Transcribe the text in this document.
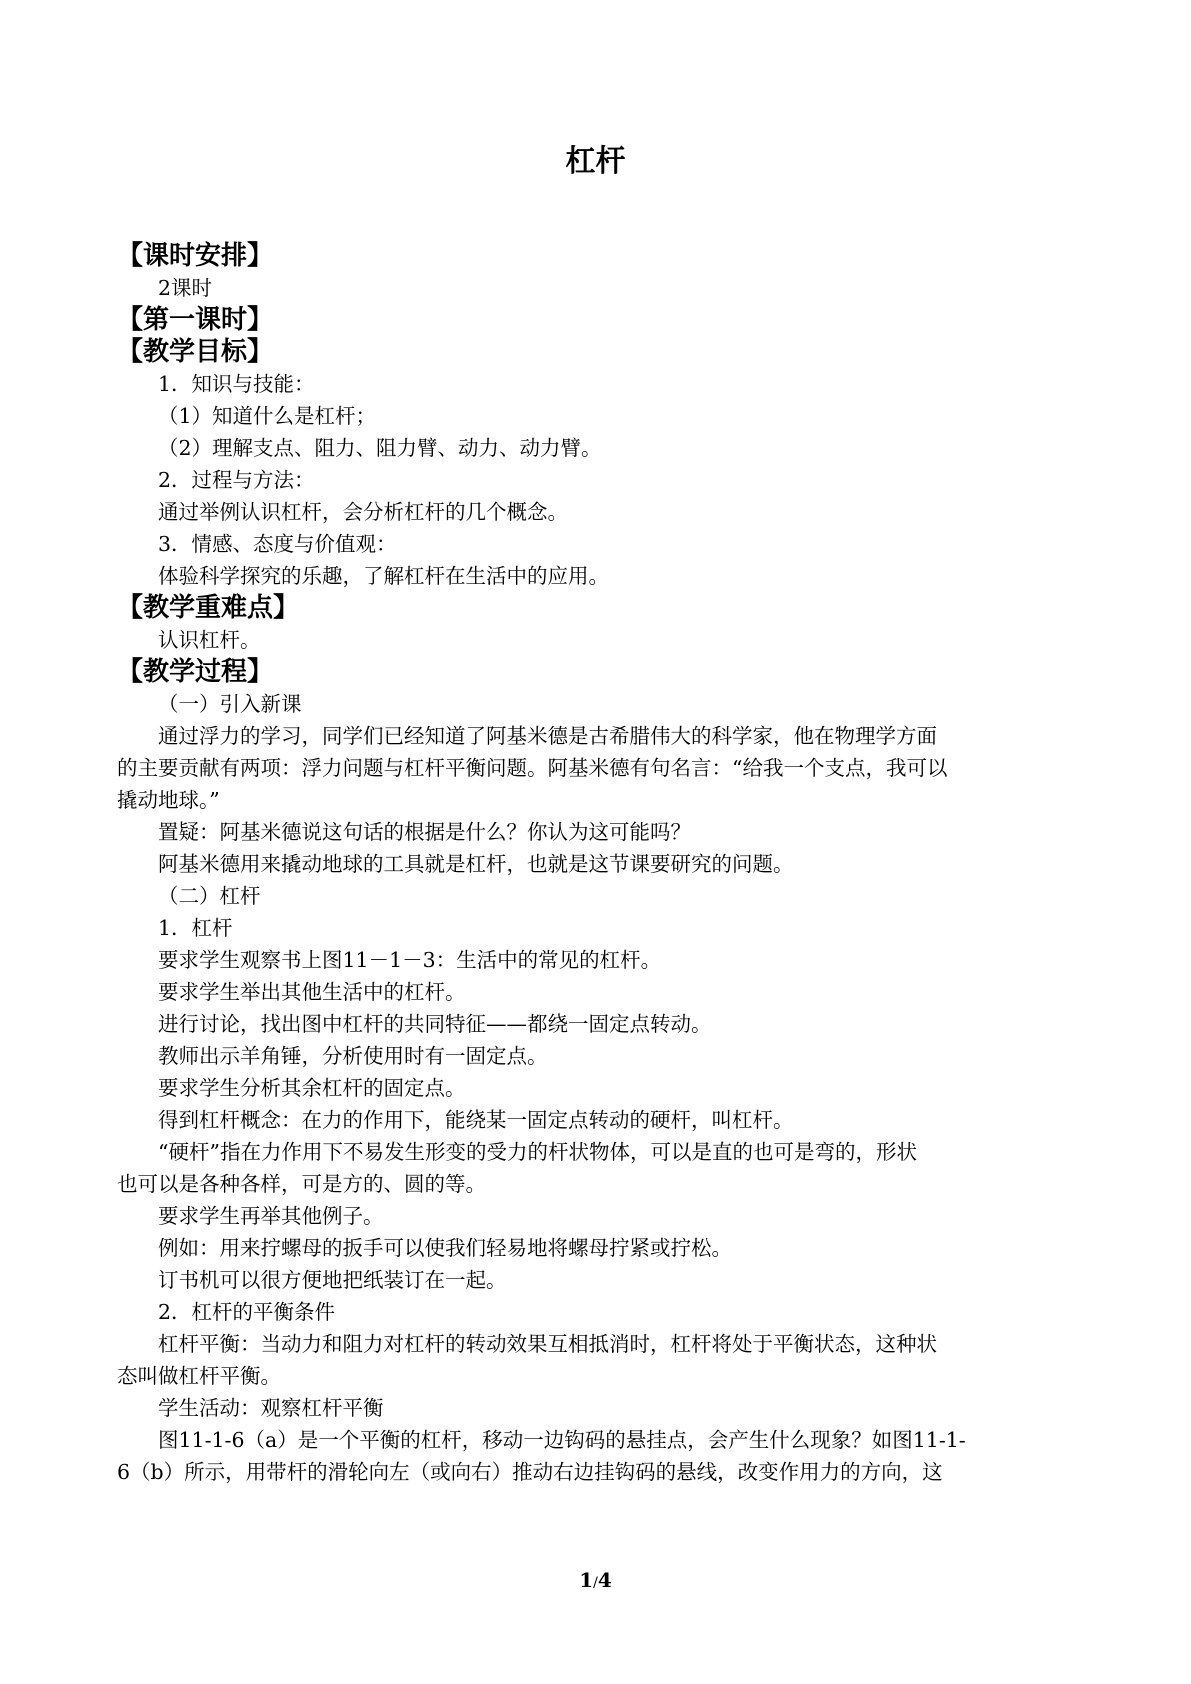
杠杆
【课时安排】
2课时
【第一课时】
【教学目标】
1．知识与技能：
（1）知道什么是杠杆；
（2）理解支点、阻力、阻力臂、动力、动力臂。
2．过程与方法：
通过举例认识杠杆，会分析杠杆的几个概念。
3．情感、态度与价值观：
体验科学探究的乐趣，了解杠杆在生活中的应用。
【教学重难点】
认识杠杆。
【教学过程】
（一）引入新课
通过浮力的学习，同学们已经知道了阿基米德是古希腊伟大的科学家，他在物理学方面
的主要贡献有两项：浮力问题与杠杆平衡问题。阿基米德有句名言：“给我一个支点，我可以
撬动地球。”
置疑：阿基米德说这句话的根据是什么？你认为这可能吗？
阿基米德用来撬动地球的工具就是杠杆，也就是这节课要研究的问题。
（二）杠杆
1．杠杆
要求学生观察书上图11－1－3：生活中的常见的杠杆。
要求学生举出其他生活中的杠杆。
进行讨论，找出图中杠杆的共同特征——都绕一固定点转动。
教师出示羊角锤，分析使用时有一固定点。
要求学生分析其余杠杆的固定点。
得到杠杆概念：在力的作用下，能绕某一固定点转动的硬杆，叫杠杆。
“硬杆”指在力作用下不易发生形变的受力的杆状物体，可以是直的也可是弯的，形状
也可以是各种各样，可是方的、圆的等。
要求学生再举其他例子。
例如：用来拧螺母的扳手可以使我们轻易地将螺母拧紧或拧松。
订书机可以很方便地把纸装订在一起。
2．杠杆的平衡条件
杠杆平衡：当动力和阻力对杠杆的转动效果互相抵消时，杠杆将处于平衡状态，这种状
态叫做杠杆平衡。
学生活动：观察杠杆平衡
图11-1-6（a）是一个平衡的杠杆，移动一边钩码的悬挂点，会产生什么现象？如图11-1-
6（b）所示，用带杆的滑轮向左（或向右）推动右边挂钩码的悬线，改变作用力的方向，这
1/4
